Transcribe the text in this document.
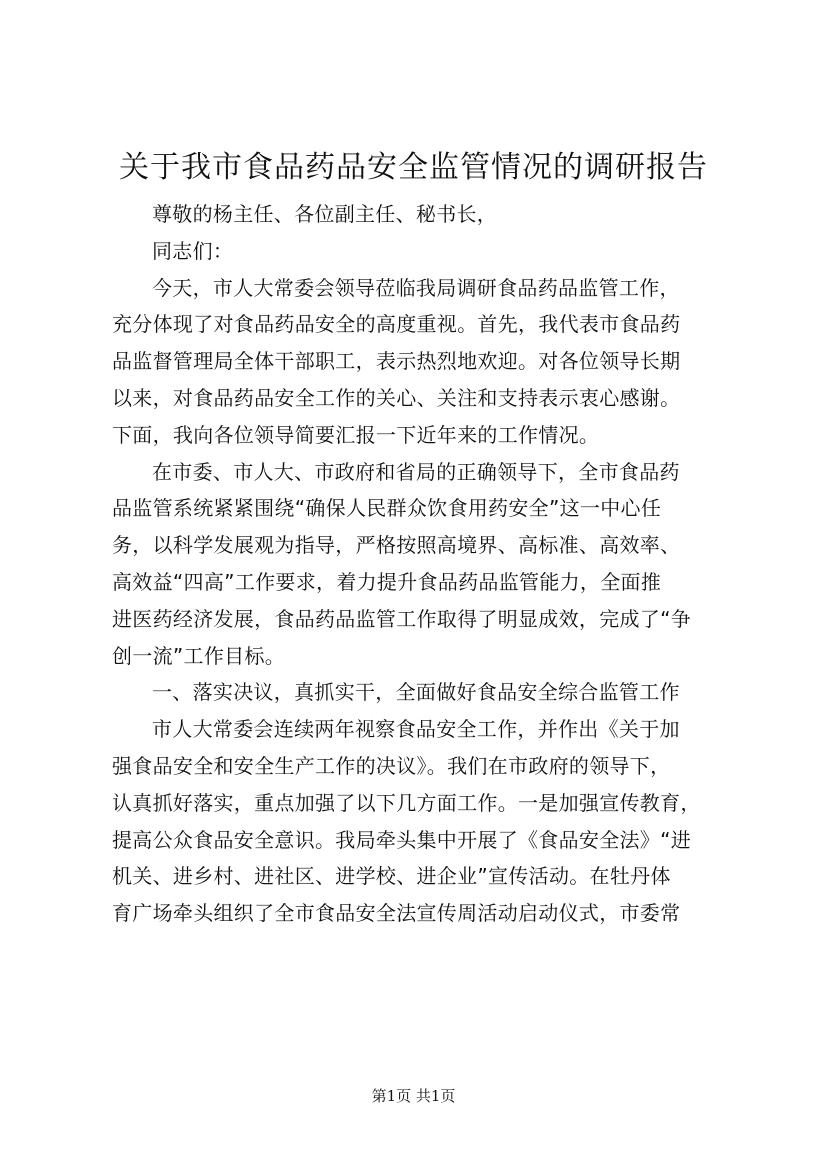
关于我市食品药品安全监管情况的调研报告
尊敬的杨主任、各位副主任、秘书长，
同志们：
今天，市人大常委会领导莅临我局调研食品药品监管工作，
充分体现了对食品药品安全的高度重视。首先，我代表市食品药
品监督管理局全体干部职工，表示热烈地欢迎。对各位领导长期
以来，对食品药品安全工作的关心、关注和支持表示衷心感谢。
下面，我向各位领导简要汇报一下近年来的工作情况。
在市委、市人大、市政府和省局的正确领导下，全市食品药
品监管系统紧紧围绕“确保人民群众饮食用药安全”这一中心任
务，以科学发展观为指导，严格按照高境界、高标准、高效率、
高效益“四高”工作要求，着力提升食品药品监管能力，全面推
进医药经济发展，食品药品监管工作取得了明显成效，完成了“争
创一流”工作目标。
一、落实决议，真抓实干，全面做好食品安全综合监管工作
市人大常委会连续两年视察食品安全工作，并作出《关于加
强食品安全和安全生产工作的决议》。我们在市政府的领导下，
认真抓好落实，重点加强了以下几方面工作。一是加强宣传教育，
提高公众食品安全意识。我局牵头集中开展了《食品安全法》“进
机关、进乡村、进社区、进学校、进企业”宣传活动。在牡丹体
育广场牵头组织了全市食品安全法宣传周活动启动仪式，市委常
第1页 共1页
